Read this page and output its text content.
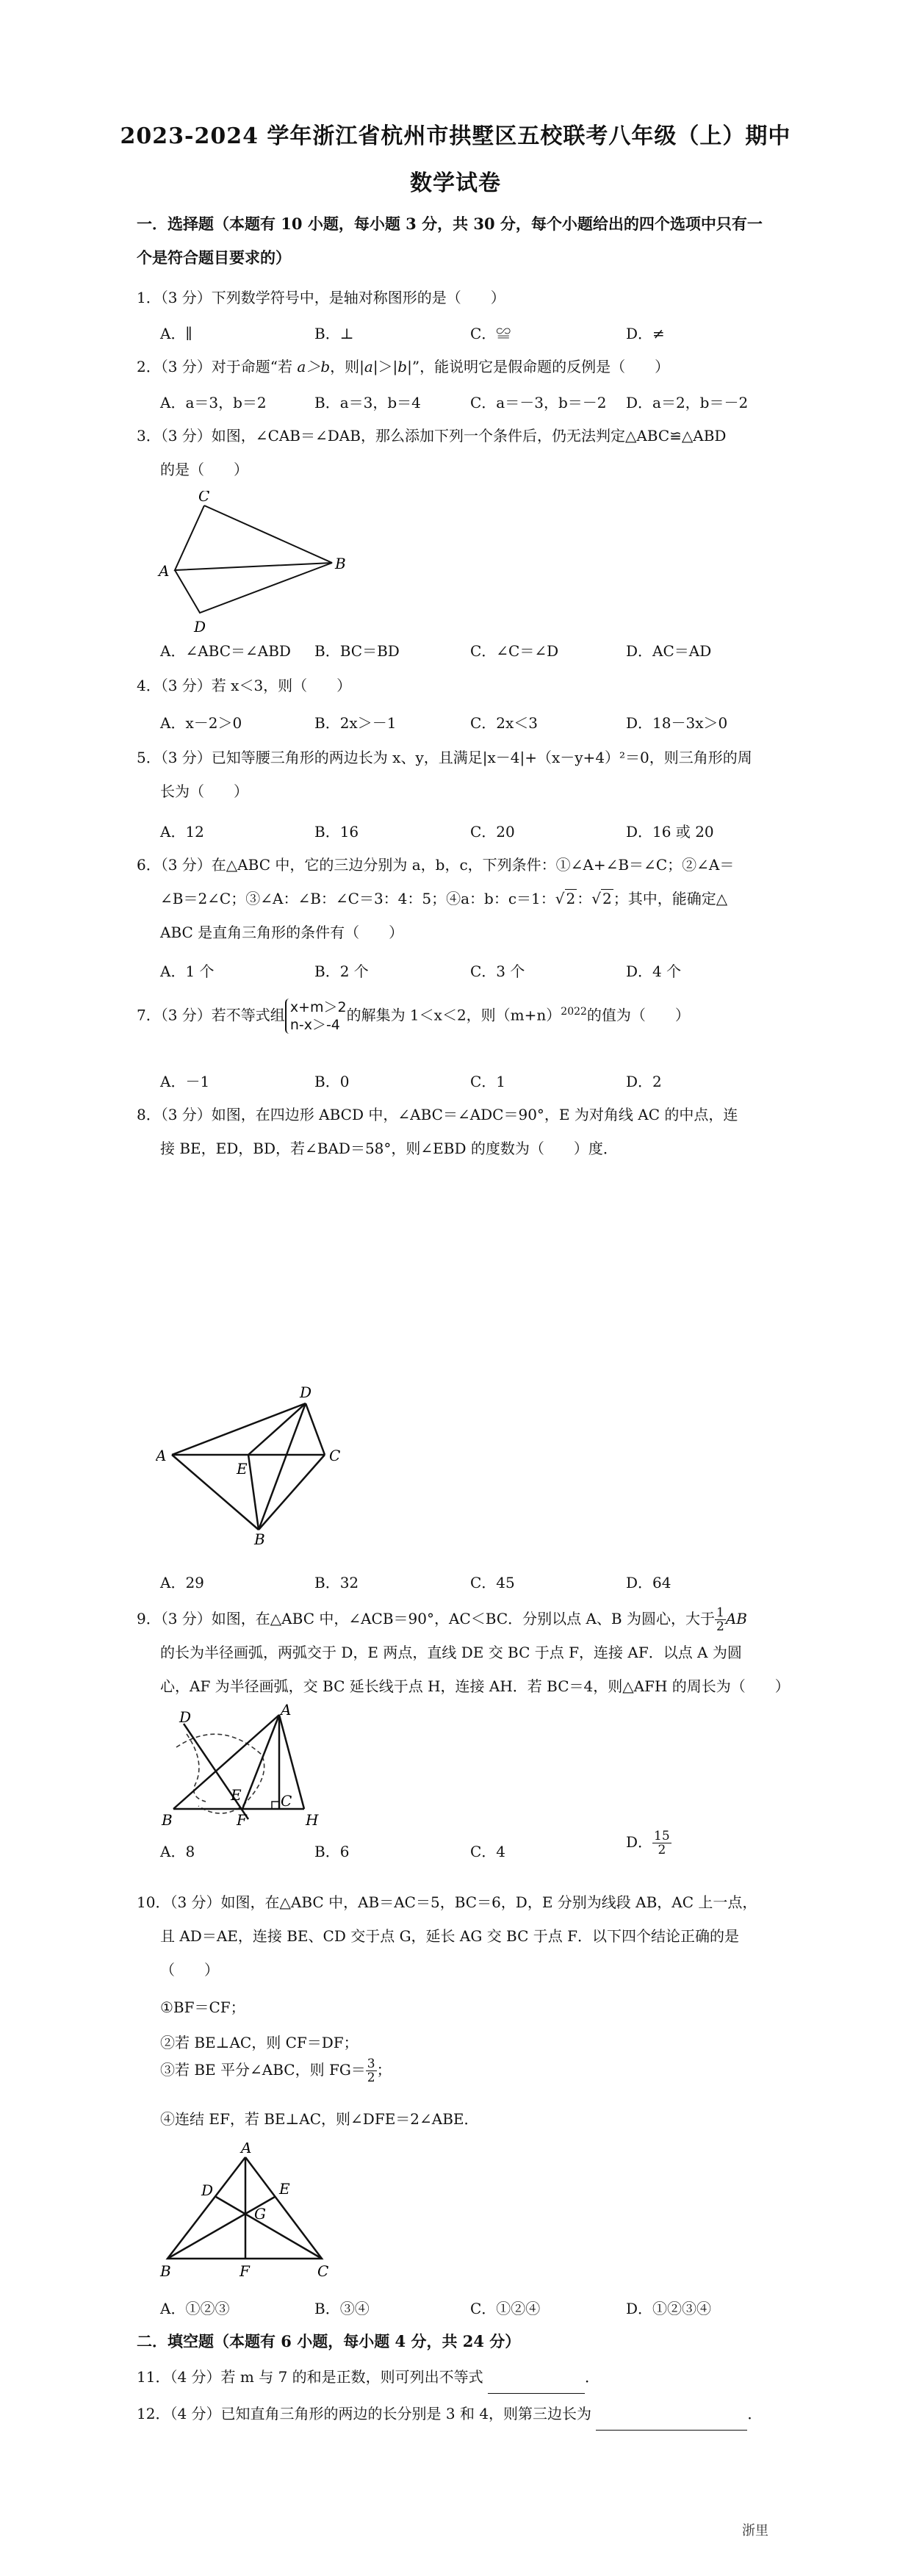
2023-2024 学年浙江省杭州市拱墅区五校联考八年级（上）期中
数学试卷
一．选择题（本题有 10 小题，每小题 3 分，共 30 分，每个小题给出的四个选项中只有一
个是符合题目要求的）
1．（3 分）下列数学符号中，是轴对称图形的是（　　）
A．∥	B．⊥	C．≌	D．≠
2．（3 分）对于命题“若 a＞b，则|a|＞|b|”，能说明它是假命题的反例是（　　）
A．a＝3，b＝2	B．a＝3，b＝4	C．a＝－3，b＝－2 D．a＝2，b＝－2
3．（3 分）如图，∠CAB＝∠DAB，那么添加下列一个条件后，仍无法判定△ABC≌△ABD
的是（　　）
C
A	B
D
A．∠ABC＝∠ABD B．BC＝BD	C．∠C＝∠D	D．AC＝AD
4．（3 分）若 x＜3，则（　　）
A．x－2＞0	B．2x＞－1	C．2x＜3	D．18－3x＞0
5．（3 分）已知等腰三角形的两边长为 x、y，且满足|x－4|+（x－y+4）²＝0，则三角形的周
长为（　　）
A．12	B．16	C．20	D．16 或 20
6．（3 分）在△ABC 中，它的三边分别为 a，b，c，下列条件：①∠A+∠B＝∠C；②∠A＝
∠B＝2∠C；③∠A：∠B：∠C＝3：4：5；④a：b：c＝1：√ 2 ：√ 2 ；其中，能确定△
ABC 是直角三角形的条件有（　　）
A．1 个	B．2 个	C．3 个	D．4 个
7．（3 分）若不等式组 x+m＞2
n-x＞-4的解集为 1＜x＜2，则$(m+n)^{2022}$的值为（　　）
A．－1	B．0	C．1	D．2
8．（3 分）如图，在四边形 ABCD 中，∠ABC＝∠ADC＝90°，E 为对角线 AC 的中点，连
接 BE，ED，BD，若∠BAD＝58°，则∠EBD 的度数为（　　）度．
D
A	C
E
B
A．29	B．32	C．45	D．64
9．（3 分）如图，在△ABC 中，∠ACB＝90°，AC＜BC．分别以点 A、B 为圆心，大于 $\frac{1}{2}$ AB
的长为半径画弧，两弧交于 D，E 两点，直线 DE 交 BC 于点 F，连接 AF．以点 A 为圆
心，AF 为半径画弧，交 BC 延长线于点 H，连接 AH．若 BC＝4，则△AFH 的周长为（　　）
D	A
E
B	F
C
H
A．8	B．6	C．4
D． $\frac{15}{2}$
10．（3 分）如图，在△ABC 中，AB＝AC＝5，BC＝6，D，E 分别为线段 AB，AC 上一点，
且 AD＝AE，连接 BE、CD 交于点 G，延长 AG 交 BC 于点 F．以下四个结论正确的是
（　　）
①BF＝CF；
②若 BE⊥AC，则 CF＝DF；
③若 BE 平分∠ABC，则 $FG= \frac{3}{2}$ ；
④连结 EF，若 BE⊥AC，则∠DFE＝2∠ABE．
A
D	E
G
B	F	C
A．①②③	B．③④	C．①②④	D．①②③④
二．填空题（本题有 6 小题，每小题 4 分，共 24 分）
11．（4 分）若 m 与 7 的和是正数，则可列出不等式	．
12．（4 分）已知直角三角形的两边的长分别是 3 和 4，则第三边长为	．
浙里
